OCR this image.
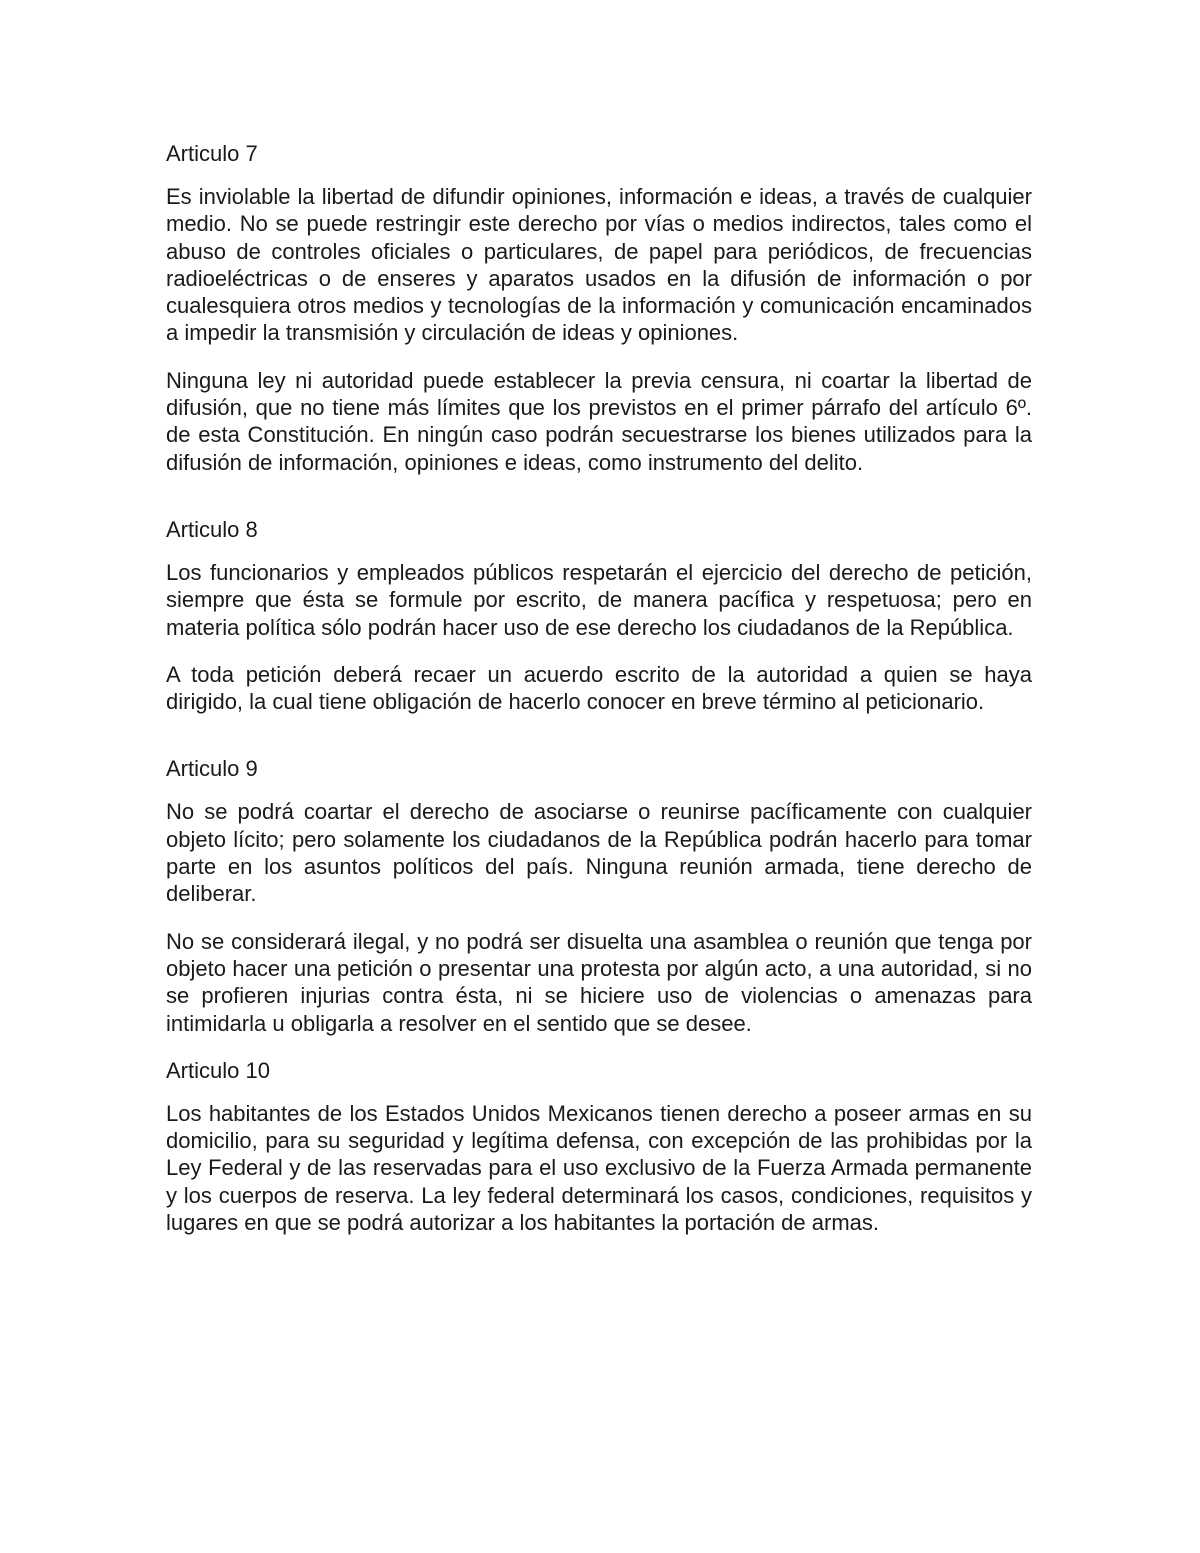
Articulo 7

Es inviolable la libertad de difundir opiniones, información e ideas, a través de cualquier medio. No se puede restringir este derecho por vías o medios indirectos, tales como el abuso de controles oficiales o particulares, de papel para periódicos, de frecuencias radioeléctricas o de enseres y aparatos usados en la difusión de información o por cualesquiera otros medios y tecnologías de la información y comunicación encaminados a impedir la transmisión y circulación de ideas y opiniones.

Ninguna ley ni autoridad puede establecer la previa censura, ni coartar la libertad de difusión, que no tiene más límites que los previstos en el primer párrafo del artículo 6º. de esta Constitución. En ningún caso podrán secuestrarse los bienes utilizados para la difusión de información, opiniones e ideas, como instrumento del delito.

Articulo 8

Los funcionarios y empleados públicos respetarán el ejercicio del derecho de petición, siempre que ésta se formule por escrito, de manera pacífica y respetuosa; pero en materia política sólo podrán hacer uso de ese derecho los ciudadanos de la República.

A toda petición deberá recaer un acuerdo escrito de la autoridad a quien se haya dirigido, la cual tiene obligación de hacerlo conocer en breve término al peticionario.

Articulo 9

No se podrá coartar el derecho de asociarse o reunirse pacíficamente con cualquier objeto lícito; pero solamente los ciudadanos de la República podrán hacerlo para tomar parte en los asuntos políticos del país. Ninguna reunión armada, tiene derecho de deliberar.

No se considerará ilegal, y no podrá ser disuelta una asamblea o reunión que tenga por objeto hacer una petición o presentar una protesta por algún acto, a una autoridad, si no se profieren injurias contra ésta, ni se hiciere uso de violencias o amenazas para intimidarla u obligarla a resolver en el sentido que se desee.

Articulo 10

Los habitantes de los Estados Unidos Mexicanos tienen derecho a poseer armas en su domicilio, para su seguridad y legítima defensa, con excepción de las prohibidas por la Ley Federal y de las reservadas para el uso exclusivo de la Fuerza Armada permanente y los cuerpos de reserva. La ley federal determinará los casos, condiciones, requisitos y lugares en que se podrá autorizar a los habitantes la portación de armas.
